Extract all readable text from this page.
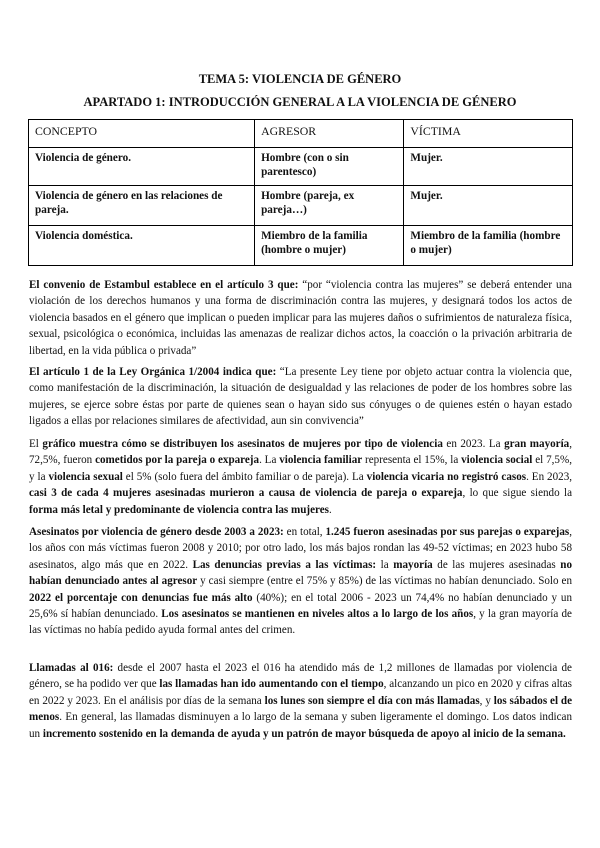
TEMA 5: VIOLENCIA DE GÉNERO
APARTADO 1: INTRODUCCIÓN GENERAL A LA VIOLENCIA DE GÉNERO
CONCEPTO	AGRESOR	VÍCTIMA
Violencia de género.	Hombre (con o sin parentesco)	Mujer.
Violencia de género en las relaciones de pareja.	Hombre (pareja, ex pareja…)	Mujer.
Violencia doméstica.	Miembro de la familia (hombre o mujer)	Miembro de la familia (hombre o mujer)
El convenio de Estambul establece en el artículo 3 que: “por “violencia contra las mujeres” se deberá entender una violación de los derechos humanos y una forma de discriminación contra las mujeres, y designará todos los actos de violencia basados en el género que implican o pueden implicar para las mujeres daños o sufrimientos de naturaleza física, sexual, psicológica o económica, incluidas las amenazas de realizar dichos actos, la coacción o la privación arbitraria de libertad, en la vida pública o privada”
El artículo 1 de la Ley Orgánica 1/2004 indica que: “La presente Ley tiene por objeto actuar contra la violencia que, como manifestación de la discriminación, la situación de desigualdad y las relaciones de poder de los hombres sobre las mujeres, se ejerce sobre éstas por parte de quienes sean o hayan sido sus cónyuges o de quienes estén o hayan estado ligados a ellas por relaciones similares de afectividad, aun sin convivencia”
El gráfico muestra cómo se distribuyen los asesinatos de mujeres por tipo de violencia en 2023. La gran mayoría, 72,5%, fueron cometidos por la pareja o expareja. La violencia familiar representa el 15%, la violencia social el 7,5%, y la violencia sexual el 5% (solo fuera del ámbito familiar o de pareja). La violencia vicaria no registró casos. En 2023, casi 3 de cada 4 mujeres asesinadas murieron a causa de violencia de pareja o expareja, lo que sigue siendo la forma más letal y predominante de violencia contra las mujeres.
Asesinatos por violencia de género desde 2003 a 2023: en total, 1.245 fueron asesinadas por sus parejas o exparejas, los años con más víctimas fueron 2008 y 2010; por otro lado, los más bajos rondan las 49-52 víctimas; en 2023 hubo 58 asesinatos, algo más que en 2022. Las denuncias previas a las víctimas: la mayoría de las mujeres asesinadas no habían denunciado antes al agresor y casi siempre (entre el 75% y 85%) de las víctimas no habían denunciado. Solo en 2022 el porcentaje con denuncias fue más alto (40%); en el total 2006 - 2023 un 74,4% no habían denunciado y un 25,6% sí habían denunciado. Los asesinatos se mantienen en niveles altos a lo largo de los años, y la gran mayoría de las víctimas no había pedido ayuda formal antes del crimen.
Llamadas al 016: desde el 2007 hasta el 2023 el 016 ha atendido más de 1,2 millones de llamadas por violencia de género, se ha podido ver que las llamadas han ido aumentando con el tiempo, alcanzando un pico en 2020 y cifras altas en 2022 y 2023. En el análisis por días de la semana los lunes son siempre el día con más llamadas, y los sábados el de menos. En general, las llamadas disminuyen a lo largo de la semana y suben ligeramente el domingo. Los datos indican un incremento sostenido en la demanda de ayuda y un patrón de mayor búsqueda de apoyo al inicio de la semana.
